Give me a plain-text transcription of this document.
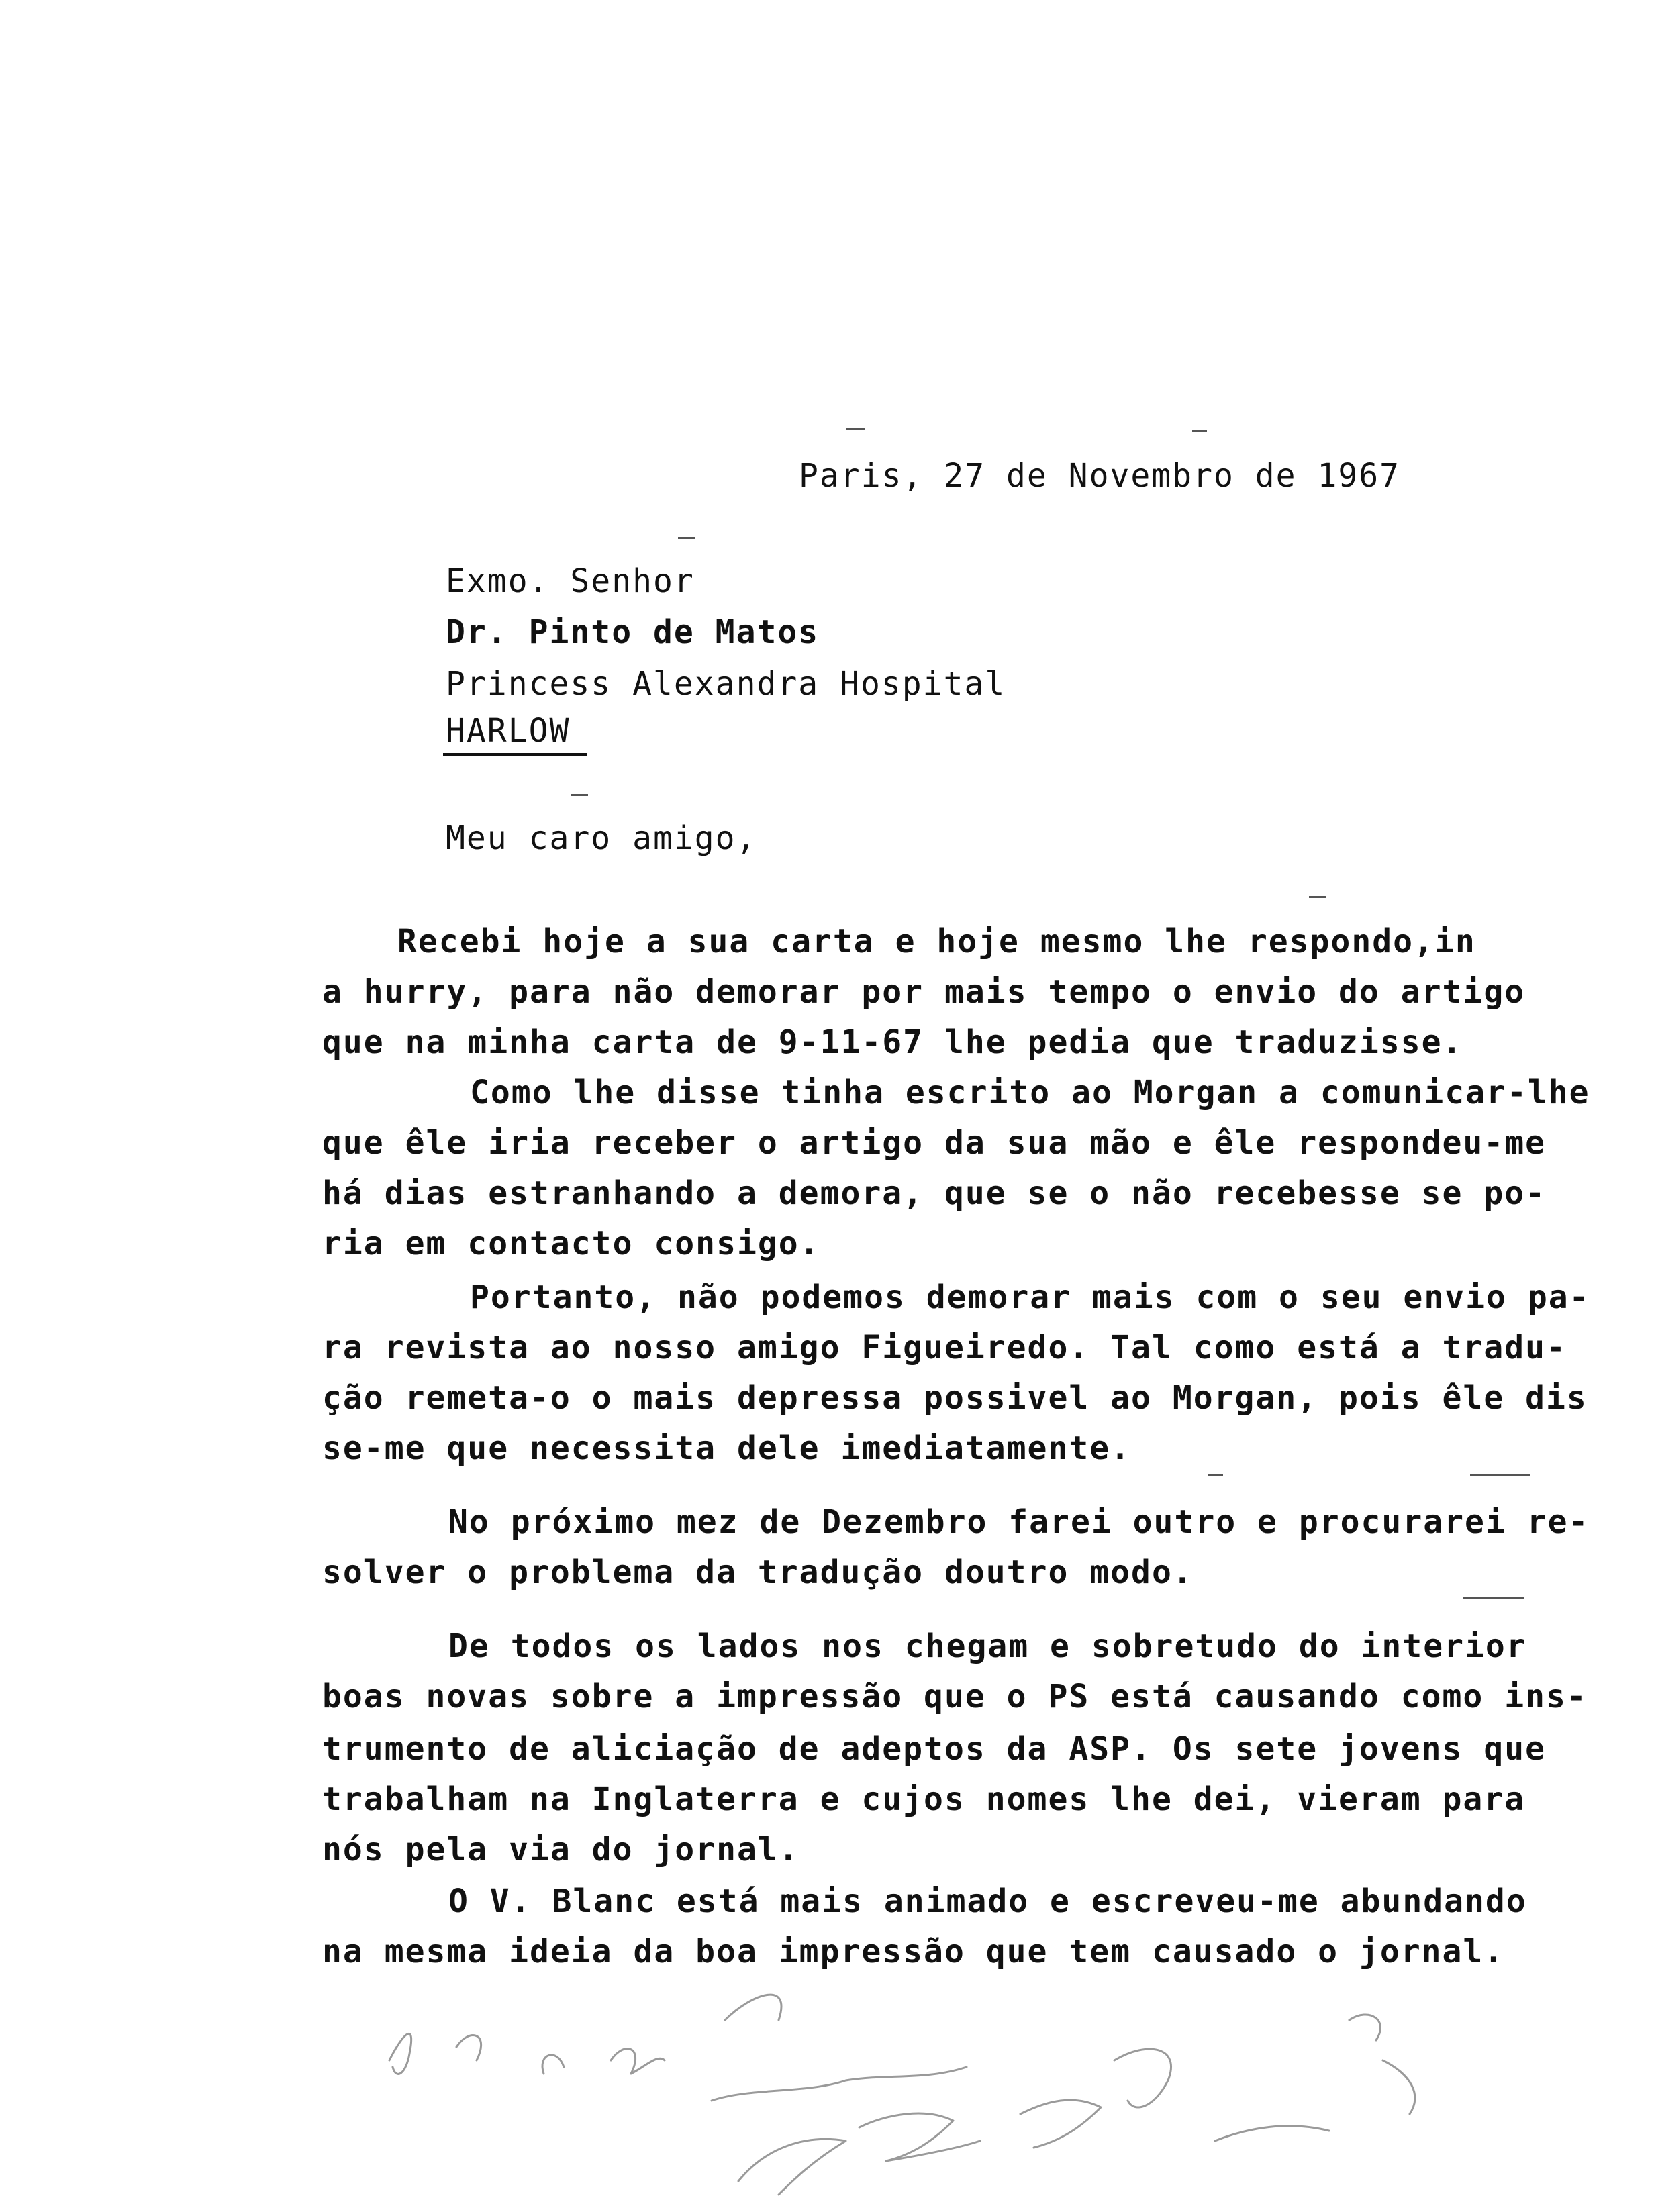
Paris, 27 de Novembro de 1967
Exmo. Senhor
Dr. Pinto de Matos
Princess Alexandra Hospital
HARLOW
Meu caro amigo,
Recebi hoje a sua carta e hoje mesmo lhe respondo,in
a hurry, para não demorar por mais tempo o envio do artigo
que na minha carta de 9-11-67 lhe pedia que traduzisse.
Como lhe disse tinha escrito ao Morgan a comunicar-lhe
que êle iria receber o artigo da sua mão e êle respondeu-me
há dias estranhando a demora, que se o não recebesse se po-
ria em contacto consigo.
Portanto, não podemos demorar mais com o seu envio pa-
ra revista ao nosso amigo Figueiredo. Tal como está a tradu-
ção remeta-o o mais depressa possivel ao Morgan, pois êle dis
se-me que necessita dele imediatamente.
No próximo mez de Dezembro farei outro e procurarei re-
solver o problema da tradução doutro modo.
De todos os lados nos chegam e sobretudo do interior
boas novas sobre a impressão que o PS está causando como ins-
trumento de aliciação de adeptos da ASP. Os sete jovens que
trabalham na Inglaterra e cujos nomes lhe dei, vieram para
nós pela via do jornal.
O V. Blanc está mais animado e escreveu-me abundando
na mesma ideia da boa impressão que tem causado o jornal.
